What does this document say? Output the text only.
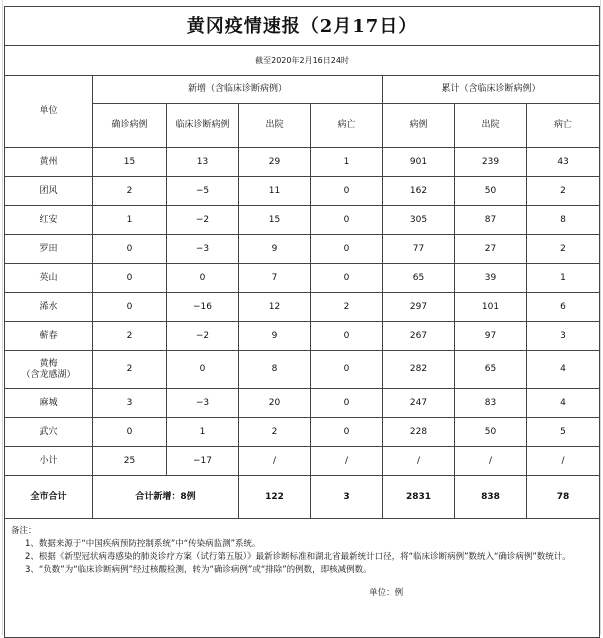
黄冈疫情速报（2月17日）							
截至2020年2月16日24时							
单位	新增（含临床诊断病例）				累计（含临床诊断病例）		
	确诊病例	临床诊断病例	出院	病亡	病例	出院	病亡

黄州	15	13	29	1	901	239	43

团风	2	−5	11	0	162	50	2

红安	1	−2	15	0	305	87	8

罗田	0	−3	9	0	77	27	2

英山	0	0	7	0	65	39	1

浠水	0	−16	12	2	297	101	6

蕲春	2	−2	9	0	267	97	3

黄梅
（含龙感湖）	2	0	8	0	282	65	4

麻城	3	−3	20	0	247	83	4

武穴	0	1	2	0	228	50	5

小计	25	−17	/	/	/	/	/
全市合计	合计新增：8例		122	3	2831	838	78

备注：
1、数据来源于“中国疾病预防控制系统”中“传染病监测”系统。
2、根据《新型冠状病毒感染的肺炎诊疗方案（试行第五版）》最新诊断标准和湖北省最新统计口径，将“临床诊断病例”数统入“确诊病例”数统计。
3、“负数”为“临床诊断病例”经过核酸检测，转为“确诊病例”或“排除”的例数，即核减例数。
单位：例							
